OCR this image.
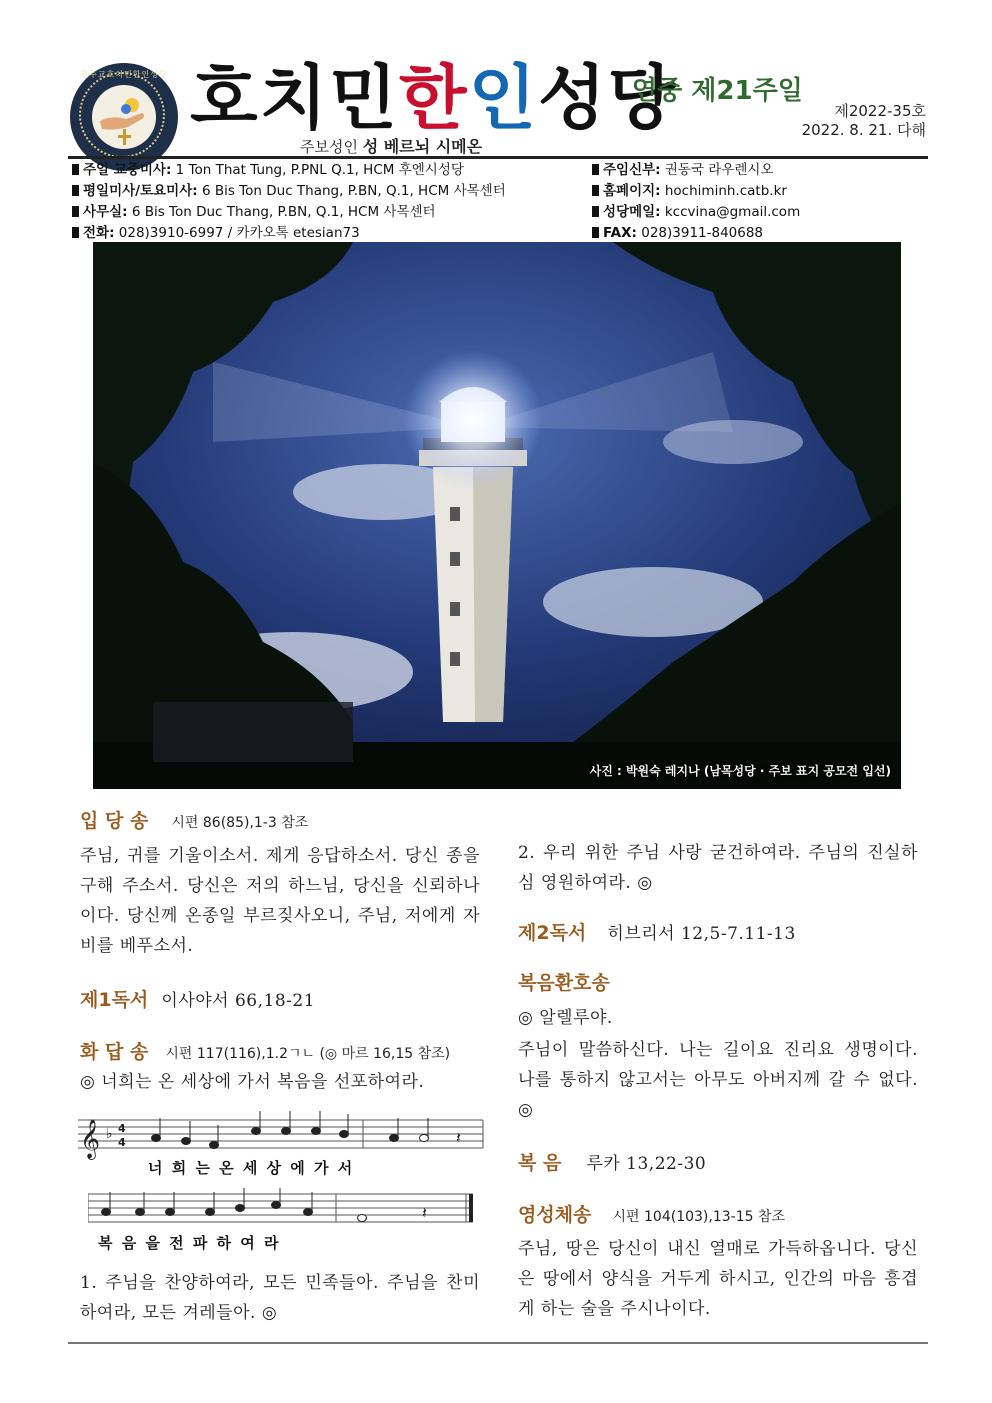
천주교호치민한인성당 호치민한인성당
연중 제21주일
제2022-35호
2022. 8. 21. 다해
주보성인 성 베르뇌 시메온
주일 교중미사: 1 Ton That Tung, P.PNL Q.1, HCM 후엔시성당
평일미사/토요미사: 6 Bis Ton Duc Thang, P.BN, Q.1, HCM 사목센터
사무실: 6 Bis Ton Duc Thang, P.BN, Q.1, HCM 사목센터
전화: 028)3910-6997 / 카카오톡 etesian73
주임신부: 권동국 라우렌시오
홈페이지: hochiminh.catb.kr
성당메일: kccvina@gmail.com
FAX: 028)3911-840688
사진 : 박원숙 레지나 (남목성당 · 주보 표지 공모전 입선)
입 당 송 시편 86(85),1-3 참조
주님, 귀를 기울이소서. 제게 응답하소서. 당신 종을 구해 주소서. 당신은 저의 하느님, 당신을 신뢰하나이다. 당신께 온종일 부르짖사오니, 주님, 저에게 자비를 베푸소서.
제1독서 이사야서 66,18-21
화 답 송 시편 117(116),1.2ㄱㄴ (◎ 마르 16,15 참조)
◎ 너희는 온 세상에 가서 복음을 선포하여라.
𝄞 ♭ 4
4	𝄽
너 희 는 온 세 상 에 가 서
.	𝄽
복 음 을 전 파 하 여 라
1. 주님을 찬양하여라, 모든 민족들아. 주님을 찬미하여라, 모든 겨레들아. ◎
2. 우리 위한 주님 사랑 굳건하여라. 주님의 진실하심 영원하여라. ◎
제2독서 히브리서 12,5-7.11-13
복음환호송
◎ 알렐루야.
주님이 말씀하신다. 나는 길이요 진리요 생명이다. 나를 통하지 않고서는 아무도 아버지께 갈 수 없다. ◎
복 음 루카 13,22-30
영성체송 시편 104(103),13-15 참조
주님, 땅은 당신이 내신 열매로 가득하옵니다. 당신은 땅에서 양식을 거두게 하시고, 인간의 마음 흥겹게 하는 술을 주시나이다.
